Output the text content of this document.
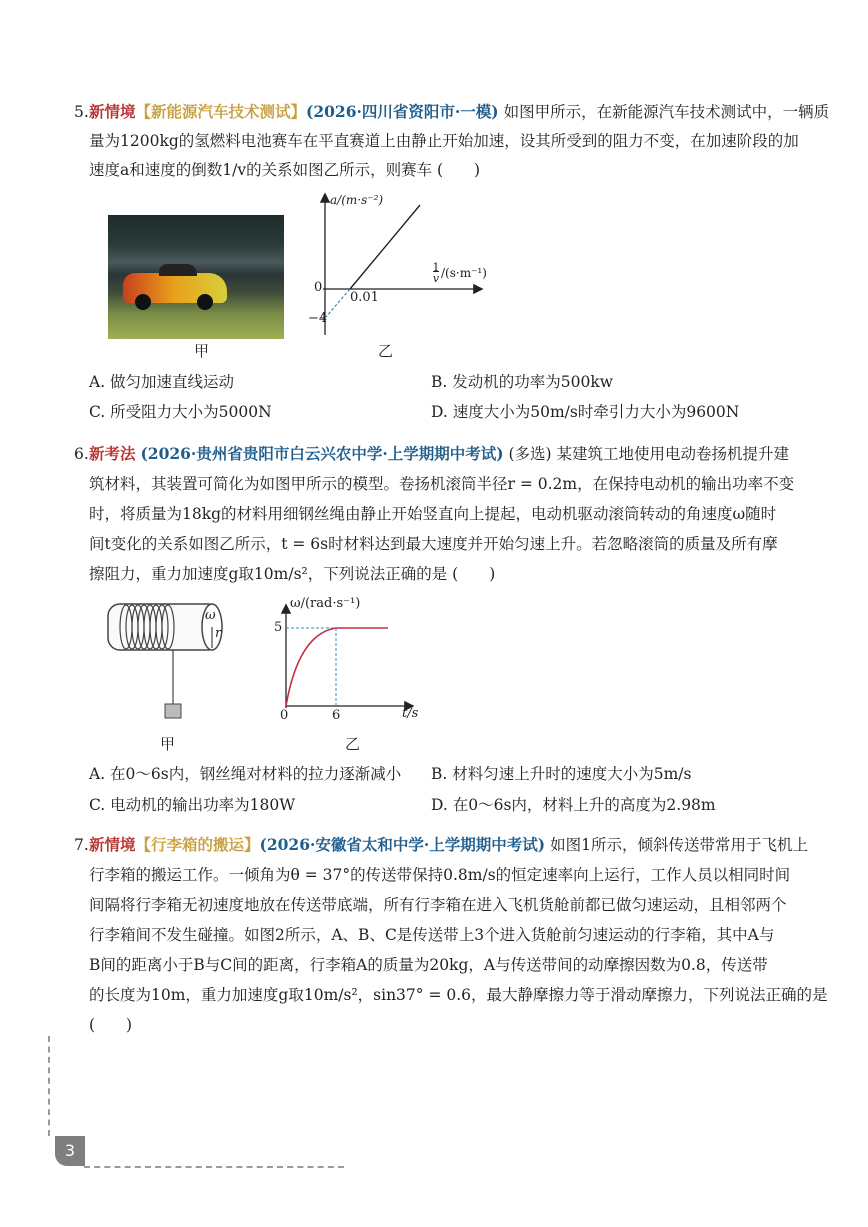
5. 新情境【新能源汽车技术测试】(2026·四川省资阳市·一模) 如图甲所示，在新能源汽车技术测试中，一辆质
量为1200kg的氢燃料电池赛车在平直赛道上由静止开始加速，设其所受到的阻力不变，在加速阶段的加
速度a和速度的倒数1/v的关系如图乙所示，则赛车 (　　)
甲
a/(m·s⁻²)
$\frac{1}{v} /(s\cdot m^{-1})$
0
0.01
−4
乙
A. 做匀加速直线运动	B. 发动机的功率为500kw
C. 所受阻力大小为5000N	D. 速度大小为50m/s时牵引力大小为9600N
6. 新考法 (2026·贵州省贵阳市白云兴农中学·上学期期中考试) (多选) 某建筑工地使用电动卷扬机提升建
筑材料，其装置可简化为如图甲所示的模型。卷扬机滚筒半径r = 0.2m，在保持电动机的输出功率不变
时，将质量为18kg的材料用细钢丝绳由静止开始竖直向上提起，电动机驱动滚筒转动的角速度ω随时
间t变化的关系如图乙所示，t = 6s时材料达到最大速度并开始匀速上升。若忽略滚筒的质量及所有摩
擦阻力，重力加速度g取10m/s²，下列说法正确的是 (　　)
ω
r
甲
ω/(rad·s⁻¹)
5
0	6	t/s
乙
A. 在0～6s内，钢丝绳对材料的拉力逐渐减小 B. 材料匀速上升时的速度大小为5m/s
C. 电动机的输出功率为180W	D. 在0～6s内，材料上升的高度为2.98m
7. 新情境【行李箱的搬运】(2026·安徽省太和中学·上学期期中考试) 如图1所示，倾斜传送带常用于飞机上
行李箱的搬运工作。一倾角为θ = 37°的传送带保持0.8m/s的恒定速率向上运行，工作人员以相同时间
间隔将行李箱无初速度地放在传送带底端，所有行李箱在进入飞机货舱前都已做匀速运动，且相邻两个
行李箱间不发生碰撞。如图2所示，A、B、C是传送带上3个进入货舱前匀速运动的行李箱，其中A与
B间的距离小于B与C间的距离，行李箱A的质量为20kg，A与传送带间的动摩擦因数为0.8，传送带
的长度为10m，重力加速度g取10m/s²，sin37° = 0.6，最大静摩擦力等于滑动摩擦力，下列说法正确的是
(　　)
3
